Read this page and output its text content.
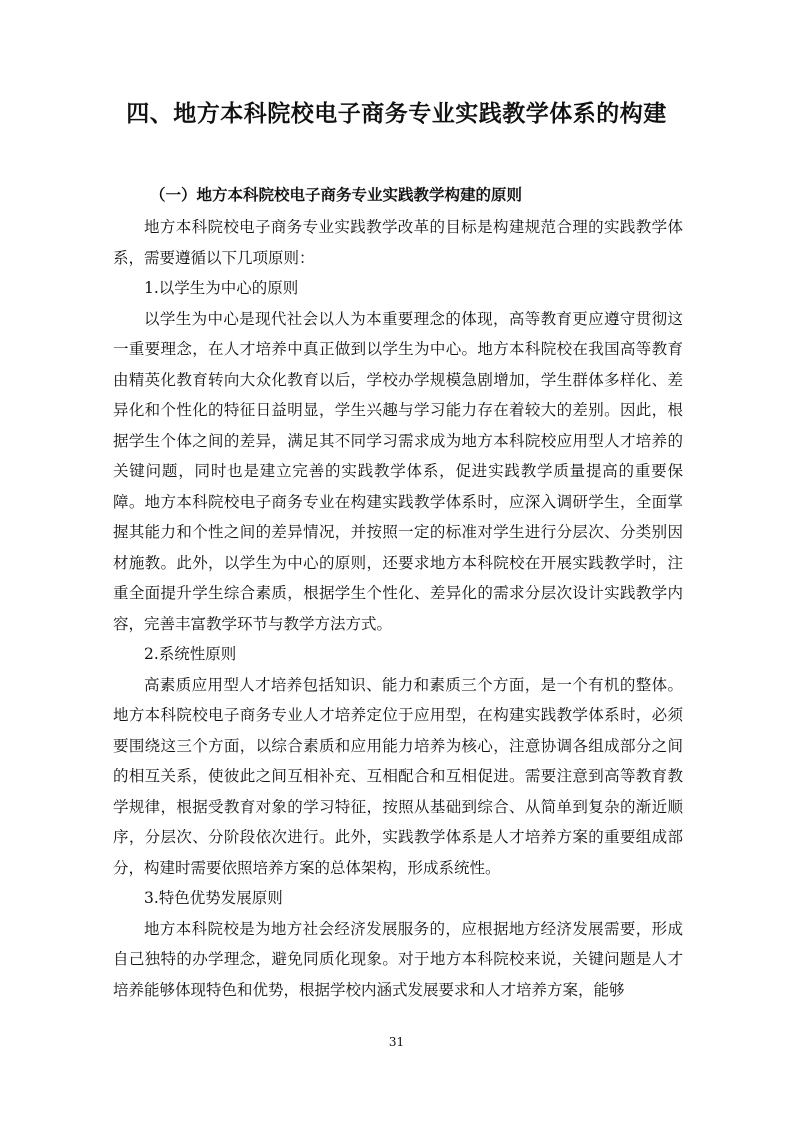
四、地方本科院校电子商务专业实践教学体系的构建
（一）地方本科院校电子商务专业实践教学构建的原则

地方本科院校电子商务专业实践教学改革的目标是构建规范合理的实践教学体系，需要遵循以下几项原则：

1.以学生为中心的原则

以学生为中心是现代社会以人为本重要理念的体现，高等教育更应遵守贯彻这一重要理念，在人才培养中真正做到以学生为中心。地方本科院校在我国高等教育由精英化教育转向大众化教育以后，学校办学规模急剧增加，学生群体多样化、差异化和个性化的特征日益明显，学生兴趣与学习能力存在着较大的差别。因此，根据学生个体之间的差异，满足其不同学习需求成为地方本科院校应用型人才培养的关键问题，同时也是建立完善的实践教学体系，促进实践教学质量提高的重要保障。地方本科院校电子商务专业在构建实践教学体系时，应深入调研学生，全面掌握其能力和个性之间的差异情况，并按照一定的标准对学生进行分层次、分类别因材施教。此外，以学生为中心的原则，还要求地方本科院校在开展实践教学时，注重全面提升学生综合素质，根据学生个性化、差异化的需求分层次设计实践教学内容，完善丰富教学环节与教学方法方式。

2.系统性原则

高素质应用型人才培养包括知识、能力和素质三个方面，是一个有机的整体。地方本科院校电子商务专业人才培养定位于应用型，在构建实践教学体系时，必须要围绕这三个方面，以综合素质和应用能力培养为核心，注意协调各组成部分之间的相互关系，使彼此之间互相补充、互相配合和互相促进。需要注意到高等教育教学规律，根据受教育对象的学习特征，按照从基础到综合、从简单到复杂的渐近顺序，分层次、分阶段依次进行。此外，实践教学体系是人才培养方案的重要组成部分，构建时需要依照培养方案的总体架构，形成系统性。

3.特色优势发展原则

地方本科院校是为地方社会经济发展服务的，应根据地方经济发展需要，形成自己独特的办学理念，避免同质化现象。对于地方本科院校来说，关键问题是人才培养能够体现特色和优势，根据学校内涵式发展要求和人才培养方案，能够

31
